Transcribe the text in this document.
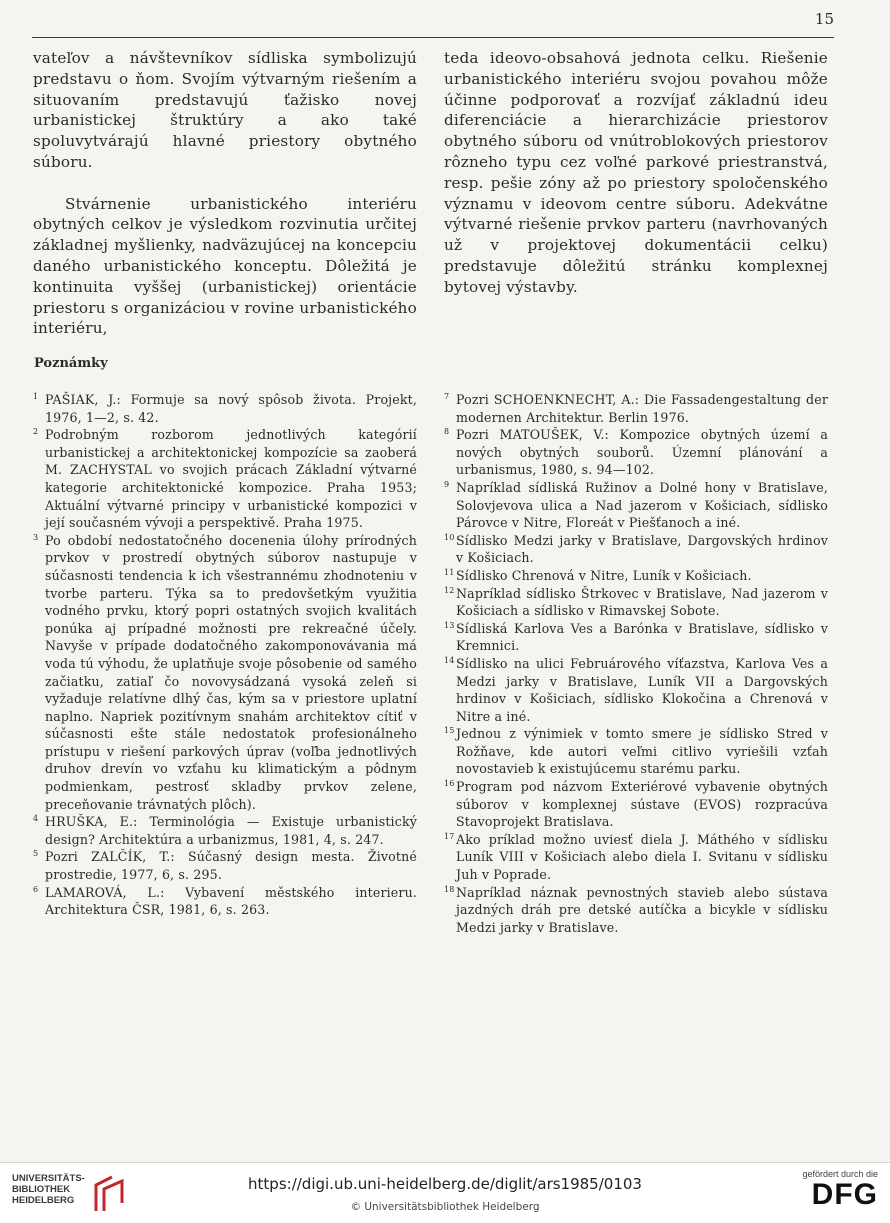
15

vateľov a návštevníkov sídliska symbolizujú predstavu o ňom. Svojím výtvarným riešením a situovaním predstavujú ťažisko novej urbanistickej štruktúry a ako také spoluvytvárajú hlavné priestory obytného súboru.

Stvárnenie urbanistického interiéru obytných celkov je výsledkom rozvinutia určitej základnej myšlienky, nadväzujúcej na koncepciu daného urbanistického konceptu. Dôležitá je kontinuita vyššej (urbanistickej) orientácie priestoru s organizáciou v rovine urbanistického interiéru,

teda ideovo-obsahová jednota celku. Riešenie urbanistického interiéru svojou povahou môže účinne podporovať a rozvíjať základnú ideu diferenciácie a hierarchizácie priestorov obytného súboru od vnútroblokových priestorov rôzneho typu cez voľné parkové priestranstvá, resp. pešie zóny až po priestory spoločenského významu v ideovom centre súboru. Adekvátne výtvarné riešenie prvkov parteru (navrhovaných už v projektovej dokumentácii celku) predstavuje dôležitú stránku komplexnej bytovej výstavby.

Poznámky
1 PAŠIAK, J.: Formuje sa nový spôsob života. Projekt, 1976, 1—2, s. 42.
2 Podrobným rozborom jednotlivých kategórií urbanistickej a architektonickej kompozície sa zaoberá M. ZACHYSTAL vo svojich prácach Základní výtvarné kategorie architektonické kompozice. Praha 1953; Aktuální výtvarné principy v urbanistické kompozici v její současném vývoji a perspektivě. Praha 1975.
3 Po období nedostatočného docenenia úlohy prírodných prvkov v prostredí obytných súborov nastupuje v súčasnosti tendencia k ich všestrannému zhodnoteniu v tvorbe parteru. Týka sa to predovšetkým využitia vodného prvku, ktorý popri ostatných svojich kvalitách ponúka aj prípadné možnosti pre rekreačné účely. Navyše v prípade dodatočného zakomponovávania má voda tú výhodu, že uplatňuje svoje pôsobenie od samého začiatku, zatiaľ čo novovysádzaná vysoká zeleň si vyžaduje relatívne dlhý čas, kým sa v priestore uplatní naplno. Napriek pozitívnym snahám architektov cítiť v súčasnosti ešte stále nedostatok profesionálneho prístupu v riešení parkových úprav (voľba jednotlivých druhov drevín vo vzťahu ku klimatickým a pôdnym podmienkam, pestrosť skladby prvkov zelene, preceňovanie trávnatých plôch).
4 HRUŠKA, E.: Terminológia — Existuje urbanistický design? Architektúra a urbanizmus, 1981, 4, s. 247.
5 Pozri ZALČÍK, T.: Súčasný design mesta. Životné prostredie, 1977, 6, s. 295.
6 LAMAROVÁ, L.: Vybavení městského interieru. Architektura ČSR, 1981, 6, s. 263.
7 Pozri SCHOENKNECHT, A.: Die Fassadengestaltung der modernen Architektur. Berlin 1976.
8 Pozri MATOUŠEK, V.: Kompozice obytných území a nových obytných souborů. Územní plánování a urbanismus, 1980, s. 94—102.
9 Napríklad sídliská Ružinov a Dolné hony v Bratislave, Solovjevova ulica a Nad jazerom v Košiciach, sídlisko Párovce v Nitre, Floreát v Piešťanoch a iné.
10 Sídlisko Medzi jarky v Bratislave, Dargovských hrdinov v Košiciach.
11 Sídlisko Chrenová v Nitre, Luník v Košiciach.
12 Napríklad sídlisko Štrkovec v Bratislave, Nad jazerom v Košiciach a sídlisko v Rimavskej Sobote.
13 Sídliská Karlova Ves a Barónka v Bratislave, sídlisko v Kremnici.
14 Sídlisko na ulici Februárového víťazstva, Karlova Ves a Medzi jarky v Bratislave, Luník VII a Dargovských hrdinov v Košiciach, sídlisko Klokočina a Chrenová v Nitre a iné.
15 Jednou z výnimiek v tomto smere je sídlisko Stred v Rožňave, kde autori veľmi citlivo vyriešili vzťah novostavieb k existujúcemu starému parku.
16 Program pod názvom Exteriérové vybavenie obytných súborov v komplexnej sústave (EVOS) rozpracúva Stavoprojekt Bratislava.
17 Ako príklad možno uviesť diela J. Máthého v sídlisku Luník VIII v Košiciach alebo diela I. Svitanu v sídlisku Juh v Poprade.
18 Napríklad náznak pevnostných stavieb alebo sústava jazdných dráh pre detské autíčka a bicykle v sídlisku Medzi jarky v Bratislave.
UNIVERSITÄTS-
BIBLIOTHEK
HEIDELBERG
https://digi.ub.uni-heidelberg.de/diglit/ars1985/0103
© Universitätsbibliothek Heidelberg
gefördert durch die
DFG
